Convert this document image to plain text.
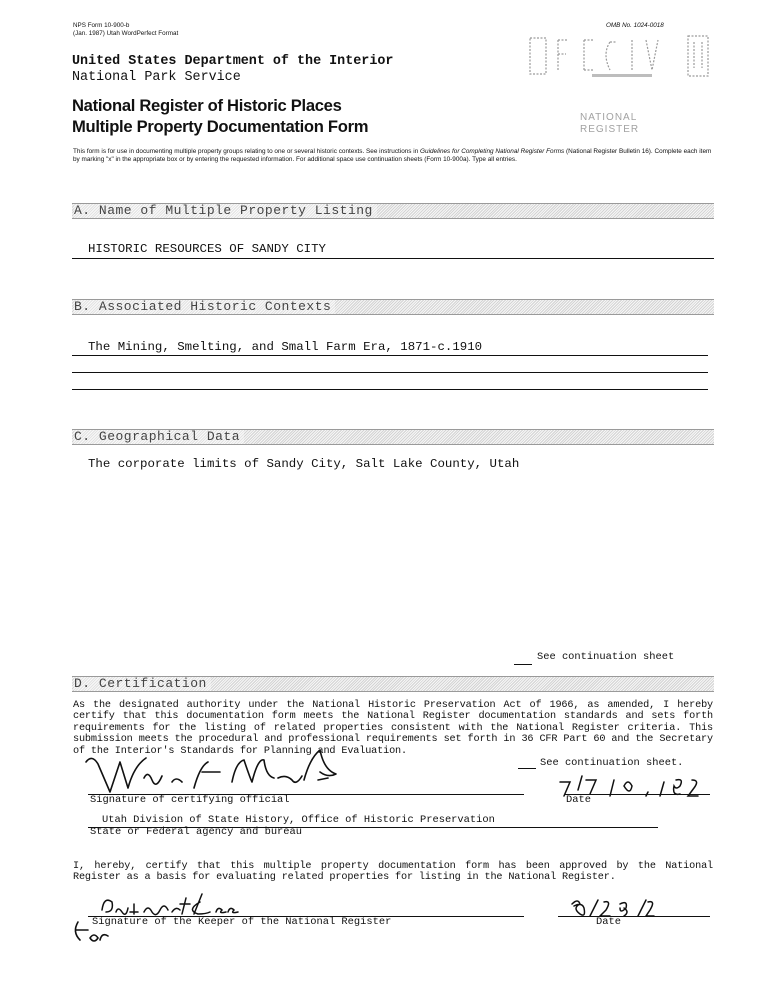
NPS Form 10-900-b
(Jan. 1987) Utah WordPerfect Format
OMB No. 1024-0018
United States Department of the Interior
National Park Service
National Register of Historic Places
Multiple Property Documentation Form	NATIONAL
REGISTER
This form is for use in documenting multiple property groups relating to one or several historic contexts. See instructions in Guidelines for Completing National Register Forms (National Register Bulletin 16). Complete each item by marking "x" in the appropriate box or by entering the requested information. For additional space use continuation sheets (Form 10-900a). Type all entries.
A. Name of Multiple Property Listing
HISTORIC RESOURCES OF SANDY CITY
B. Associated Historic Contexts
The Mining, Smelting, and Small Farm Era, 1871-c.1910
C. Geographical Data
The corporate limits of Sandy City, Salt Lake County, Utah
See continuation sheet
D. Certification
As the designated authority under the National Historic Preservation Act of 1966, as amended, I hereby certify that this documentation form meets the National Register documentation standards and sets forth requirements for the listing of related properties consistent with the National Register criteria. This submission meets the procedural and professional requirements set forth in 36 CFR Part 60 and the Secretary of the Interior's Standards for Planning and Evaluation.
See continuation sheet.
Signature of certifying official	Date
Utah Division of State History, Office of Historic Preservation
State or Federal agency and bureau
I, hereby, certify that this multiple property documentation form has been approved by the National Register as a basis for evaluating related properties for listing in the National Register.
Signature of the Keeper of the National Register	Date
